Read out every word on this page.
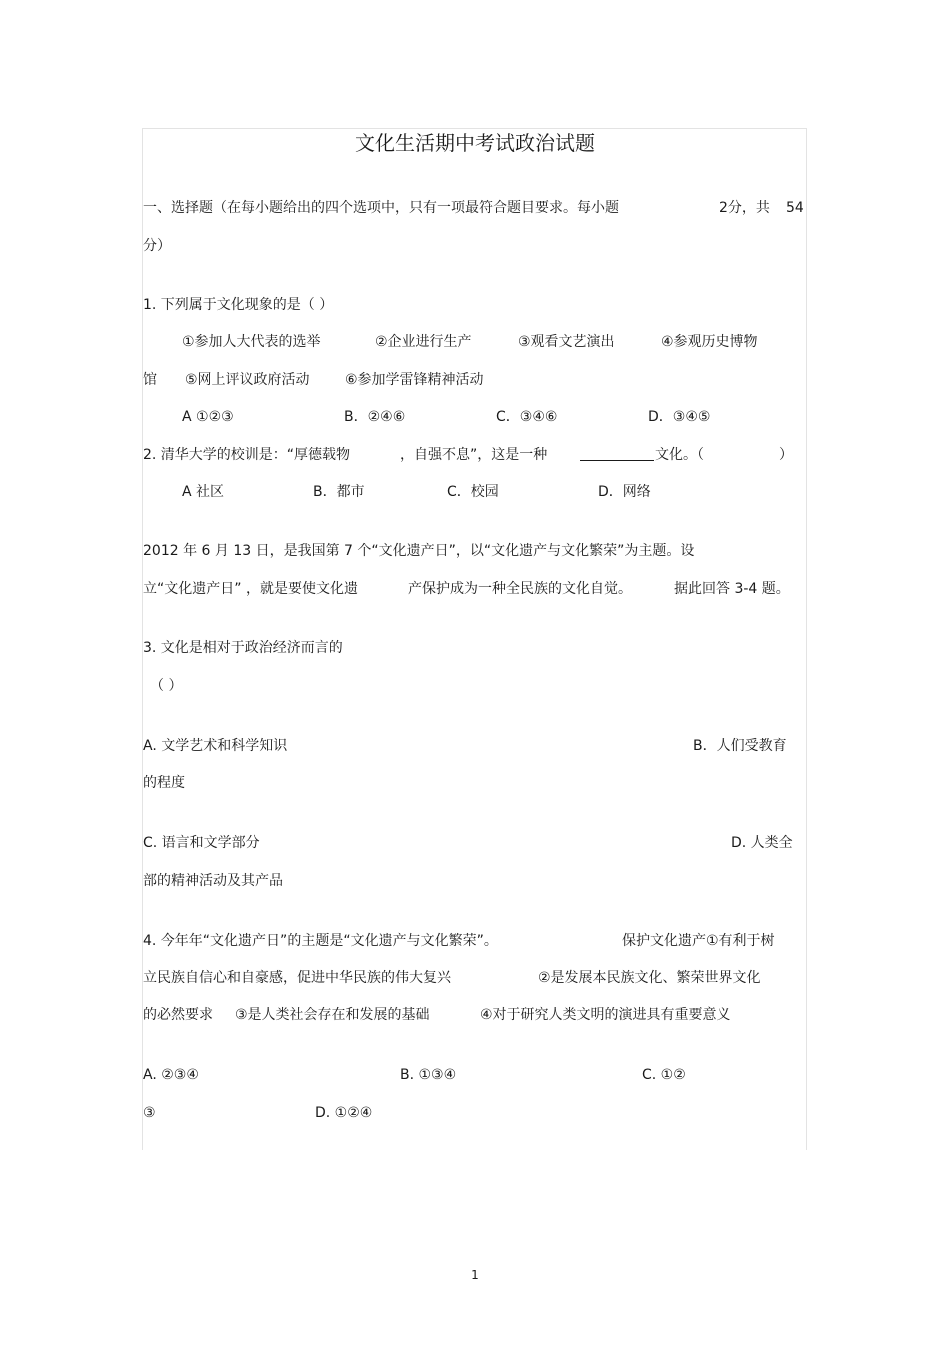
文化生活期中考试政治试题
一、选择题（在每小题给出的四个选项中，只有一项最符合题目要求。每小题	2分，共 54
分）
1. 下列属于文化现象的是（ ）
①参加人大代表的选举	②企业进行生产	③观看文艺演出	④参观历史博物
馆 ⑤网上评议政府活动	⑥参加学雷锋精神活动
A ①②③	B．②④⑥	C．③④⑥	D．③④⑤
2. 清华大学的校训是：“厚德载物	，自强不息”，这是一种	文化。（	）
A 社区	B．都市	C．校园	D．网络
2012 年 6 月 13 日，是我国第 7 个“文化遗产日”，以“文化遗产与文化繁荣”为主题。设
立“文化遗产日” ，就是要使文化遗	产保护成为一种全民族的文化自觉。	据此回答 3-4 题。
3. 文化是相对于政治经济而言的
（ ）
A. 文学艺术和科学知识	B．人们受教育
的程度
C. 语言和文学部分	D. 人类全
部的精神活动及其产品
4. 今年年“文化遗产日”的主题是“文化遗产与文化繁荣”。	保护文化遗产①有利于树
立民族自信心和自豪感，促进中华民族的伟大复兴	②是发展本民族文化、繁荣世界文化
的必然要求 ③是人类社会存在和发展的基础	④对于研究人类文明的演进具有重要意义
A. ②③④	B. ①③④	C. ①②
③	D. ①②④
1
